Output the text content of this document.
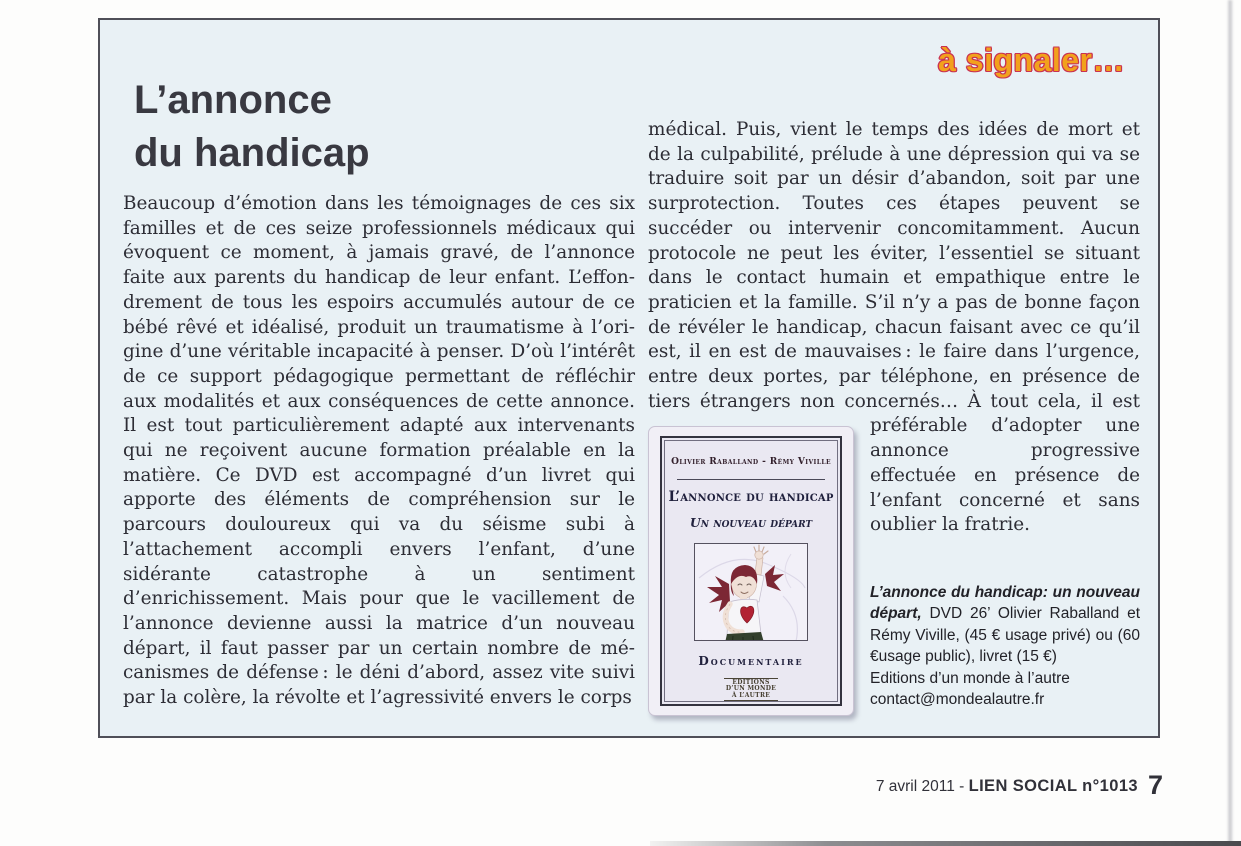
à signaler…
L’annonce
du handicap
Beaucoup d’émotion dans les témoignages de ces six familles et de ces seize professionnels médicaux qui évoquent ce moment, à jamais gravé, de l’annonce faite aux parents du handicap de leur enfant. L’effondrement de tous les espoirs accumulés autour de ce bébé rêvé et idéalisé, produit un traumatisme à l’origine d’une véritable incapacité à penser. D’où l’intérêt de ce support pédagogique permettant de réfléchir aux modalités et aux conséquences de cette annonce. Il est tout particulièrement adapté aux intervenants qui ne reçoivent aucune formation préalable en la matière. Ce DVD est accompagné d’un livret qui apporte des éléments de compréhension sur le parcours douloureux qui va du séisme subi à l’attachement accompli envers l’enfant, d’une sidérante catastrophe à un sentiment d’enrichissement. Mais pour que le vacillement de l’annonce devienne aussi la matrice d’un nouveau départ, il faut passer par un certain nombre de mécanismes de défense : le déni d’abord, assez vite suivi par la colère, la révolte et l’agressivité envers le corps
médical. Puis, vient le temps des idées de mort et de la culpabilité, prélude à une dépression qui va se traduire soit par un désir d’abandon, soit par une surprotection. Toutes ces étapes peuvent se succéder ou intervenir concomitamment. Aucun protocole ne peut les éviter, l’essentiel se situant dans le contact humain et empathique entre le praticien et la famille. S’il n’y a pas de bonne façon de révéler le handicap, chacun faisant avec ce qu’il est, il en est de mauvaises : le faire dans l’urgence, entre deux portes, par téléphone, en présence de tiers étrangers non concernés… À tout
Olivier Raballand - Rémy Viville
L’annonce du handicap
Un nouveau départ
Documentaire
ÉDITIONS
D’UN MONDE
À L’AUTRE
cela, il est préférable d’adopter une annonce progressive effectuée en présence de l’enfant concerné et sans oublier la fratrie.
L’annonce du handicap: un nouveau départ, DVD 26’ Olivier Raballand et Rémy Viville, (45 € usage privé) ou (60 €usage public), livret (15 €)
Editions d’un monde à l’autre
contact@mondealautre.fr
7 avril 2011 - LIEN SOCIAL n°1013 7
